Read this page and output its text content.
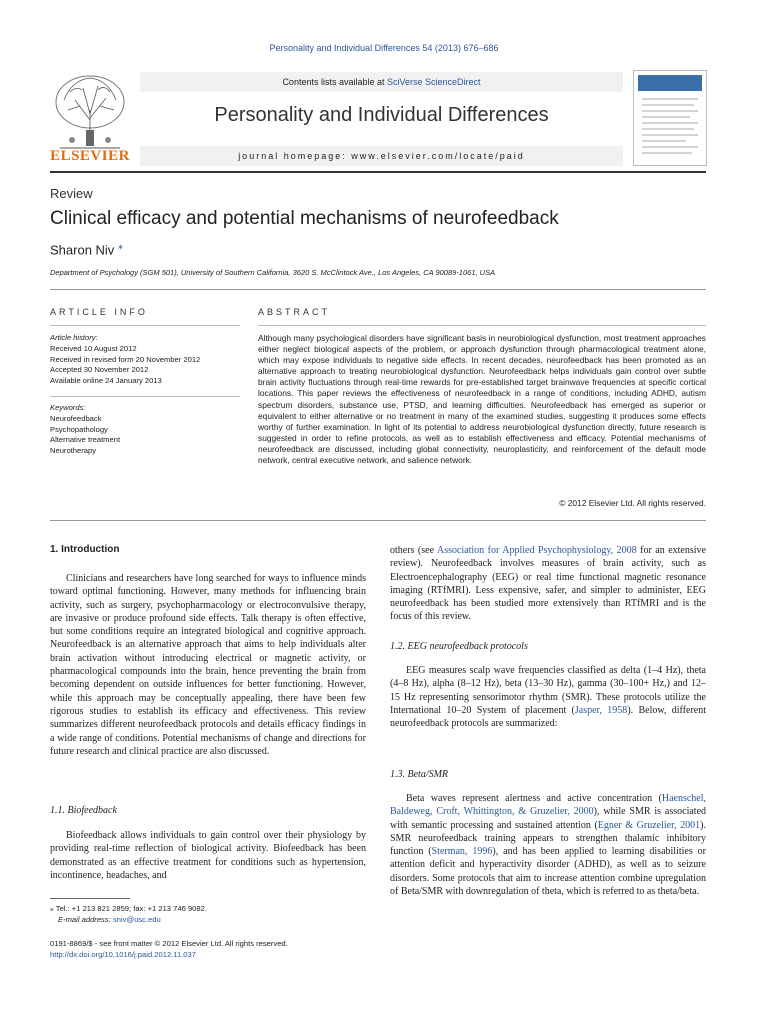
Personality and Individual Differences 54 (2013) 676–686
ELSEVIER
Contents lists available at SciVerse ScienceDirect
Personality and Individual Differences
journal homepage: www.elsevier.com/locate/paid
Review
Clinical efficacy and potential mechanisms of neurofeedback
Sharon Niv ⁎
Department of Psychology (SGM 501), University of Southern California, 3620 S. McClintock Ave., Los Angeles, CA 90089-1061, USA
ARTICLE INFO	ABSTRACT
Article history:
Received 10 August 2012
Received in revised form 20 November 2012
Accepted 30 November 2012
Available online 24 January 2013
Keywords:
Neurofeedback
Psychopathology
Alternative treatment
Neurotherapy
Although many psychological disorders have significant basis in neurobiological dysfunction, most treatment approaches either neglect biological aspects of the problem, or approach dysfunction through pharmacological treatment alone, which may expose individuals to negative side effects. In recent decades, neurofeedback has been promoted as an alternative approach to treating neurobiological dysfunction. Neurofeedback helps individuals gain control over subtle brain activity fluctuations through real-time rewards for pre-established target brainwave frequencies at specific cortical locations. This paper reviews the effectiveness of neurofeedback in a range of conditions, including ADHD, autism spectrum disorders, substance use, PTSD, and learning difficulties. Neurofeedback has emerged as superior or equivalent to either alternative or no treatment in many of the examined studies, suggesting it produces some effects worthy of further examination. In light of its potential to address neurobiological dysfunction directly, future research is suggested in order to refine protocols, as well as to establish effectiveness and efficacy. Potential mechanisms of neurofeedback are discussed, including global connectivity, neuroplasticity, and reinforcement of the default mode network, central executive network, and salience network.
© 2012 Elsevier Ltd. All rights reserved.
1. Introduction

Clinicians and researchers have long searched for ways to influence minds toward optimal functioning. However, many methods for influencing brain activity, such as surgery, psychopharmacology or electroconvulsive therapy, are invasive or produce profound side effects. Talk therapy is often effective, but some conditions require an integrated biological and cognitive approach. Neurofeedback is an alternative approach that aims to help individuals alter brain activation without introducing electrical or magnetic activity, or pharmacological compounds into the brain, hence preventing the brain from becoming dependent on outside influences for better functioning. However, while this approach may be conceptually appealing, there have been few rigorous studies to establish its efficacy and effectiveness. This review summarizes different neurofeedback protocols and details efficacy findings in a wide range of conditions. Potential mechanisms of change and directions for future research and clinical practice are also discussed.

1.1. Biofeedback

Biofeedback allows individuals to gain control over their physiology by providing real-time reflection of biological activity. Biofeedback has been demonstrated as an effective treatment for conditions such as hypertension, incontinence, headaches, and

⁎ Tel.: +1 213 821 2859; fax: +1 213 746 9082.
E-mail address: sniv@usc.edu
0191-8869/$ - see front matter © 2012 Elsevier Ltd. All rights reserved.
http://dx.doi.org/10.1016/j.paid.2012.11.037

others (see Association for Applied Psychophysiology, 2008 for an extensive review). Neurofeedback involves measures of brain activity, such as Electroencephalography (EEG) or real time functional magnetic resonance imaging (RTfMRI). Less expensive, safer, and simpler to administer, EEG neurofeedback has been studied more extensively than RTfMRI and is the focus of this review.

1.2. EEG neurofeedback protocols

EEG measures scalp wave frequencies classified as delta (1–4 Hz), theta (4–8 Hz), alpha (8–12 Hz), beta (13–30 Hz), gamma (30–100+ Hz,) and 12–15 Hz representing sensorimotor rhythm (SMR). These protocols utilize the International 10–20 System of placement (Jasper, 1958). Below, different neurofeedback protocols are summarized:

1.3. Beta/SMR

Beta waves represent alertness and active concentration (Haenschel, Baldeweg, Croft, Whittington, & Gruzelier, 2000), while SMR is associated with semantic processing and sustained attention (Egner & Gruzelier, 2001). SMR neurofeedback training appears to strengthen thalamic inhibitory function (Sterman, 1996), and has been applied to learning disabilities or attention deficit and hyperactivity disorder (ADHD), as well as to seizure disorders. Some protocols that aim to increase attention combine upregulation of Beta/SMR with downregulation of theta, which is referred to as theta/beta.
